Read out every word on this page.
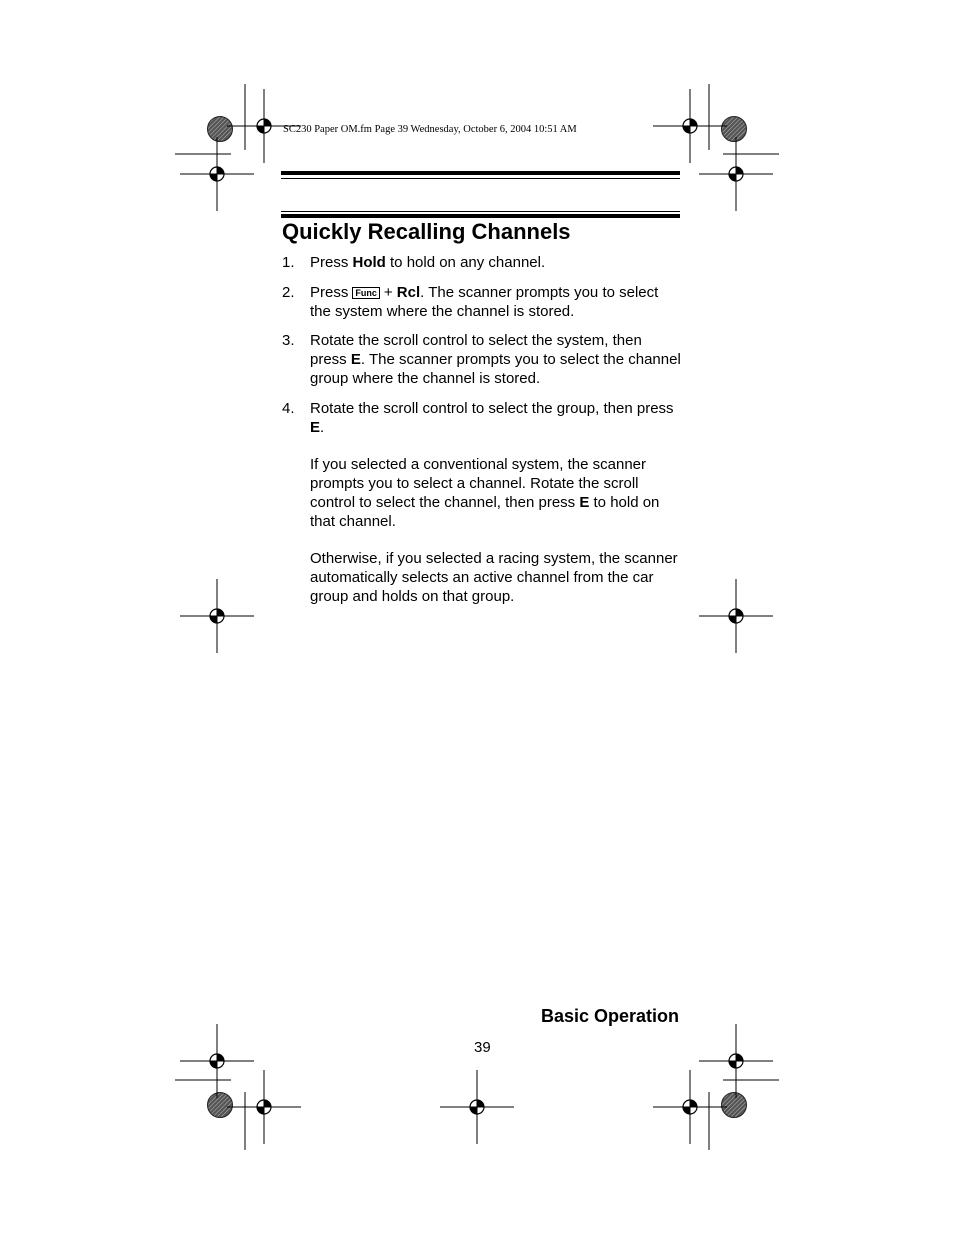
SC230 Paper OM.fm Page 39 Wednesday, October 6, 2004 10:51 AM
Quickly Recalling Channels
1. Press Hold to hold on any channel.

2. Press Func + Rcl. The scanner prompts you to select the system where the channel is stored.

3. Rotate the scroll control to select the system, then press E. The scanner prompts you to select the channel group where the channel is stored.

4. Rotate the scroll control to select the group, then press E.

If you selected a conventional system, the scanner prompts you to select a channel. Rotate the scroll control to select the channel, then press E to hold on that channel.

Otherwise, if you selected a racing system, the scanner automatically selects an active channel from the car group and holds on that group.

Basic Operation
39
